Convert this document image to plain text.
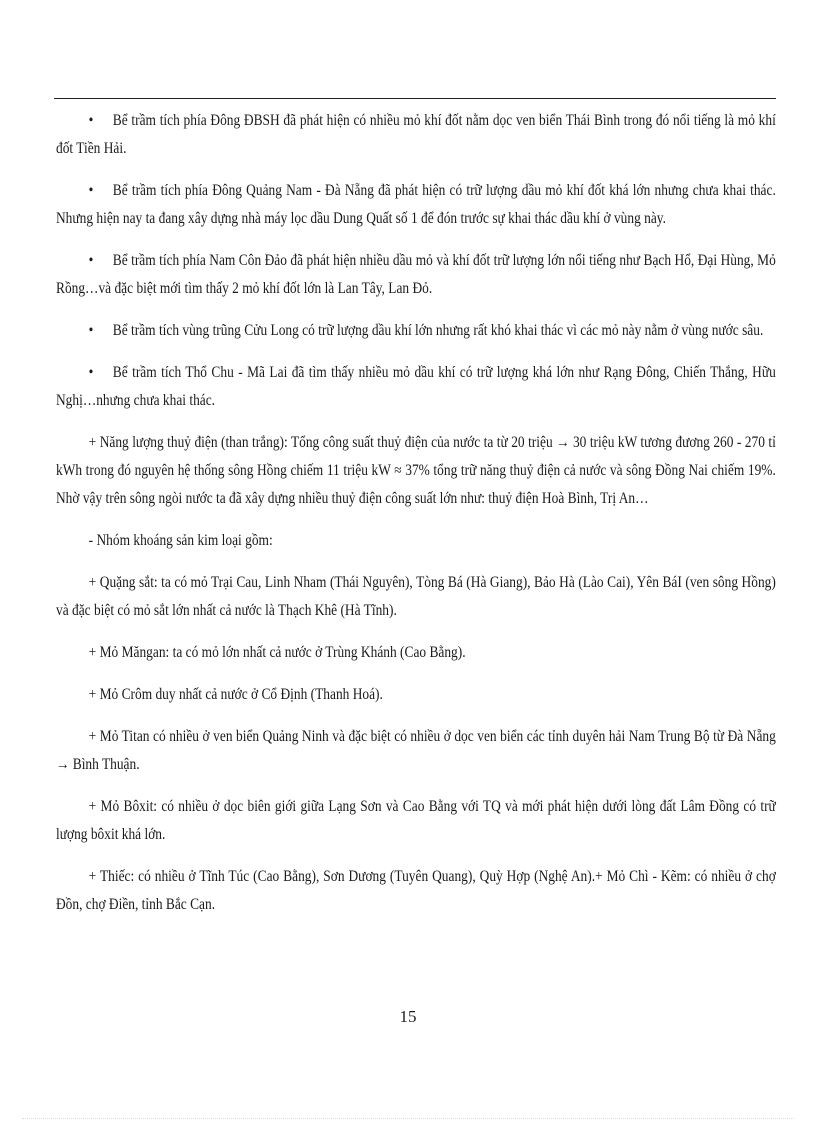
• Bể trầm tích phía Đông ĐBSH đã phát hiện có nhiều mỏ khí đốt nằm dọc ven biển Thái Bình trong đó nổi tiếng là mỏ khí đốt Tiền Hải.

• Bể trầm tích phía Đông Quảng Nam - Đà Nẵng đã phát hiện có trữ lượng dầu mỏ khí đốt khá lớn nhưng chưa khai thác. Nhưng hiện nay ta đang xây dựng nhà máy lọc dầu Dung Quất số 1 để đón trước sự khai thác dầu khí ở vùng này.

• Bể trầm tích phía Nam Côn Đảo đã phát hiện nhiều dầu mỏ và khí đốt trữ lượng lớn nổi tiếng như Bạch Hổ, Đại Hùng, Mỏ Rồng…và đặc biệt mới tìm thấy 2 mỏ khí đốt lớn là Lan Tây, Lan Đỏ.

• Bể trầm tích vùng trũng Cửu Long có trữ lượng dầu khí lớn nhưng rất khó khai thác vì các mỏ này nằm ở vùng nước sâu.

• Bể trầm tích Thổ Chu - Mã Lai đã tìm thấy nhiều mỏ dầu khí có trữ lượng khá lớn như Rạng Đông, Chiến Thắng, Hữu Nghị…nhưng chưa khai thác.

+ Năng lượng thuỷ điện (than trắng): Tổng công suất thuỷ điện của nước ta từ 20 triệu → 30 triệu kW tương đương 260 - 270 tỉ kWh trong đó nguyên hệ thống sông Hồng chiếm 11 triệu kW ≈ 37% tổng trữ năng thuỷ điện cả nước và sông Đồng Nai chiếm 19%. Nhờ vậy trên sông ngòi nước ta đã xây dựng nhiều thuỷ điện công suất lớn như: thuỷ điện Hoà Bình, Trị An…

- Nhóm khoáng sản kim loại gồm:

+ Quặng sắt: ta có mỏ Trại Cau, Linh Nham (Thái Nguyên), Tòng Bá (Hà Giang), Bảo Hà (Lào Cai), Yên BáI (ven sông Hồng) và đặc biệt có mỏ sắt lớn nhất cả nước là Thạch Khê (Hà Tĩnh).

+ Mỏ Măngan: ta có mỏ lớn nhất cả nước ở Trùng Khánh (Cao Bằng).

+ Mỏ Crôm duy nhất cả nước ở Cổ Định (Thanh Hoá).

+ Mỏ Titan có nhiều ở ven biển Quảng Ninh và đặc biệt có nhiều ở dọc ven biển các tỉnh duyên hải Nam Trung Bộ từ Đà Nẵng → Bình Thuận.

+ Mỏ Bôxit: có nhiều ở dọc biên giới giữa Lạng Sơn và Cao Bằng với TQ và mới phát hiện dưới lòng đất Lâm Đồng có trữ lượng bôxit khá lớn.

+ Thiếc: có nhiều ở Tĩnh Túc (Cao Bằng), Sơn Dương (Tuyên Quang), Quỳ Hợp (Nghệ An).+ Mỏ Chì - Kẽm: có nhiều ở chợ Đồn, chợ Điền, tỉnh Bắc Cạn.

15
